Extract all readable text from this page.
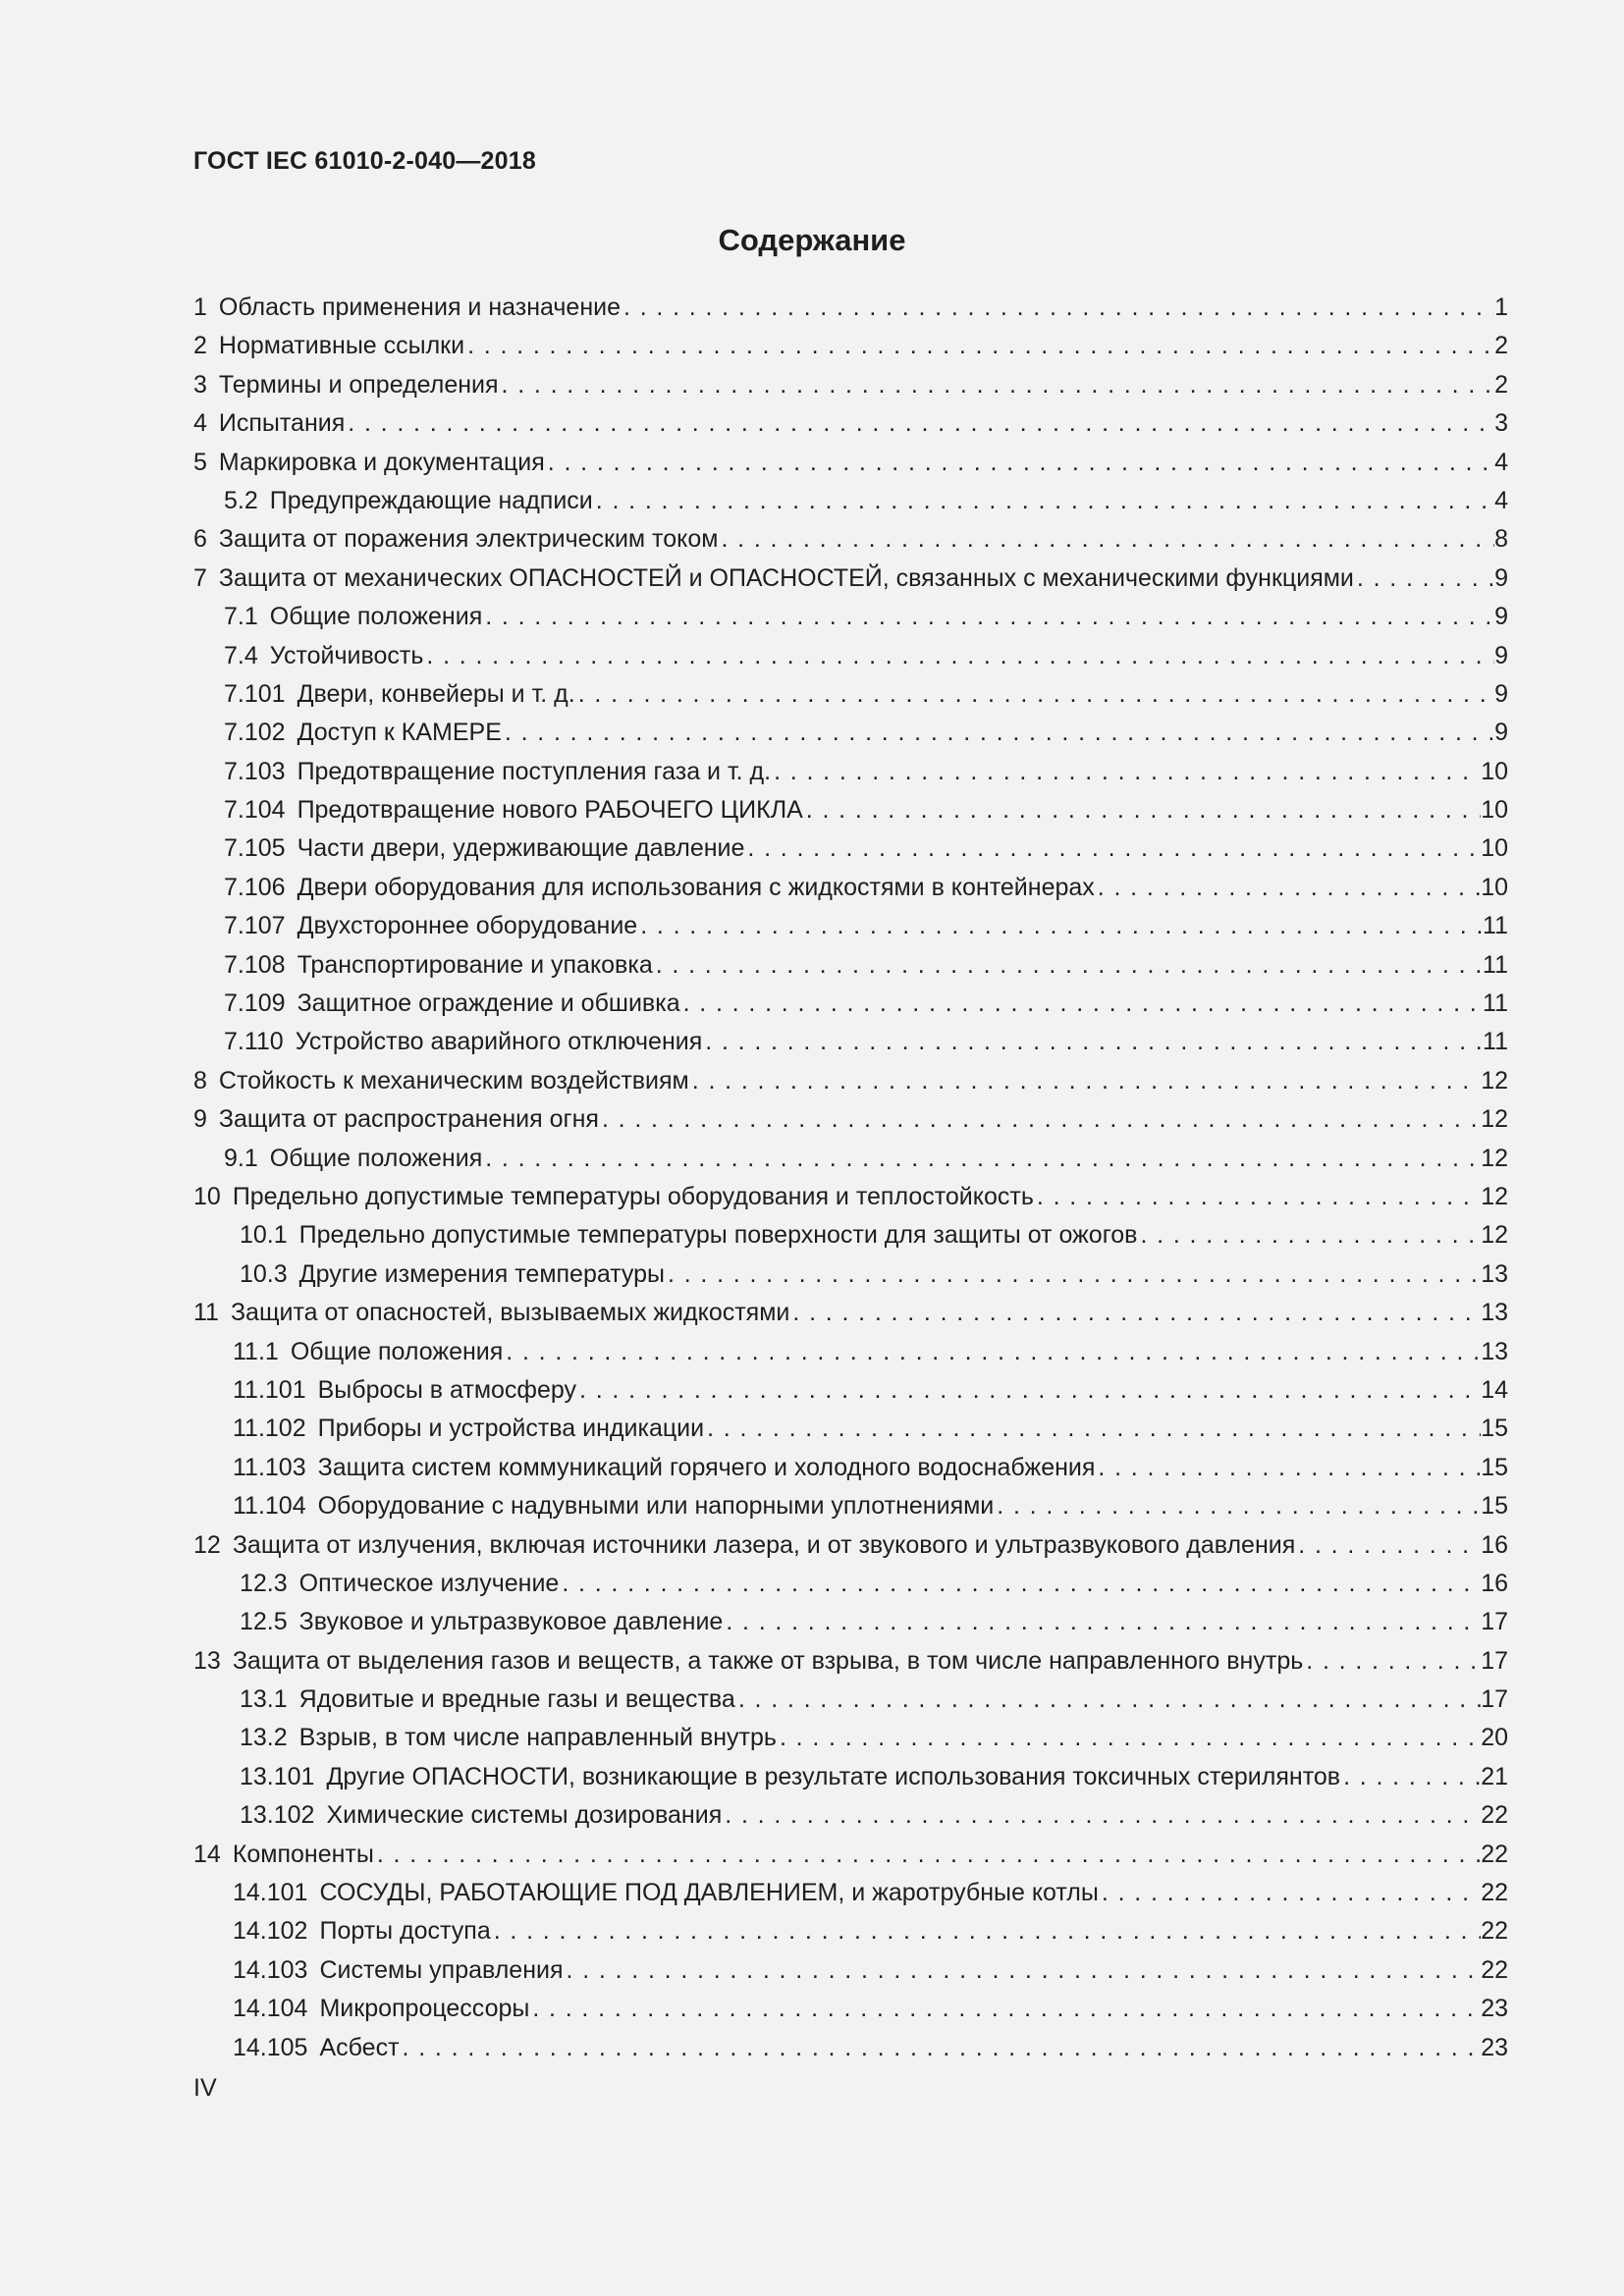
ГОСТ IEC 61010-2-040—2018
Содержание
1 Область применения и назначение . . .	1
2 Нормативные ссылки . . .	2
3 Термины и определения . . .	2
4 Испытания . . .	3
5 Маркировка и документация . . .	4
5.2 Предупреждающие надписи . . .	4
6 Защита от поражения электрическим током . . .	8
7 Защита от механических ОПАСНОСТЕЙ и ОПАСНОСТЕЙ, связанных с механическими функциями . . .	9
7.1 Общие положения . . .	9
7.4 Устойчивость . . .	9
7.101 Двери, конвейеры и т. д. . . .	9
7.102 Доступ к КАМЕРЕ . . .	9
7.103 Предотвращение поступления газа и т. д. . . .	10
7.104 Предотвращение нового РАБОЧЕГО ЦИКЛА . . .	10
7.105 Части двери, удерживающие давление . . .	10
7.106 Двери оборудования для использования с жидкостями в контейнерах . . .	10
7.107 Двухстороннее оборудование . . .	11
7.108 Транспортирование и упаковка . . .	11
7.109 Защитное ограждение и обшивка . . .	11
7.110 Устройство аварийного отключения . . .	11
8 Стойкость к механическим воздействиям . . .	12
9 Защита от распространения огня . . .	12
9.1 Общие положения . . .	12
10 Предельно допустимые температуры оборудования и теплостойкость . . .	12
10.1 Предельно допустимые температуры поверхности для защиты от ожогов . . .	12
10.3 Другие измерения температуры . . .	13
11 Защита от опасностей, вызываемых жидкостями . . .	13
11.1 Общие положения . . .	13
11.101 Выбросы в атмосферу . . .	14
11.102 Приборы и устройства индикации . . .	15
11.103 Защита систем коммуникаций горячего и холодного водоснабжения . . .	15
11.104 Оборудование с надувными или напорными уплотнениями . . .	15
12 Защита от излучения, включая источники лазера, и от звукового и ультразвукового давления . . .	16
12.3 Оптическое излучение . . .	16
12.5 Звуковое и ультразвуковое давление . . .	17
13 Защита от выделения газов и веществ, а также от взрыва, в том числе направленного внутрь . . .	17
13.1 Ядовитые и вредные газы и вещества . . .	17
13.2 Взрыв, в том числе направленный внутрь . . .	20
13.101 Другие ОПАСНОСТИ, возникающие в результате использования токсичных стерилянтов . . .	21
13.102 Химические системы дозирования . . .	22
14 Компоненты . . .	22
14.101 СОСУДЫ, РАБОТАЮЩИЕ ПОД ДАВЛЕНИЕМ, и жаротрубные котлы . . .	22
14.102 Порты доступа . . .	22
14.103 Системы управления . . .	22
14.104 Микропроцессоры . . .	23
14.105 Асбест . . .	23
IV
